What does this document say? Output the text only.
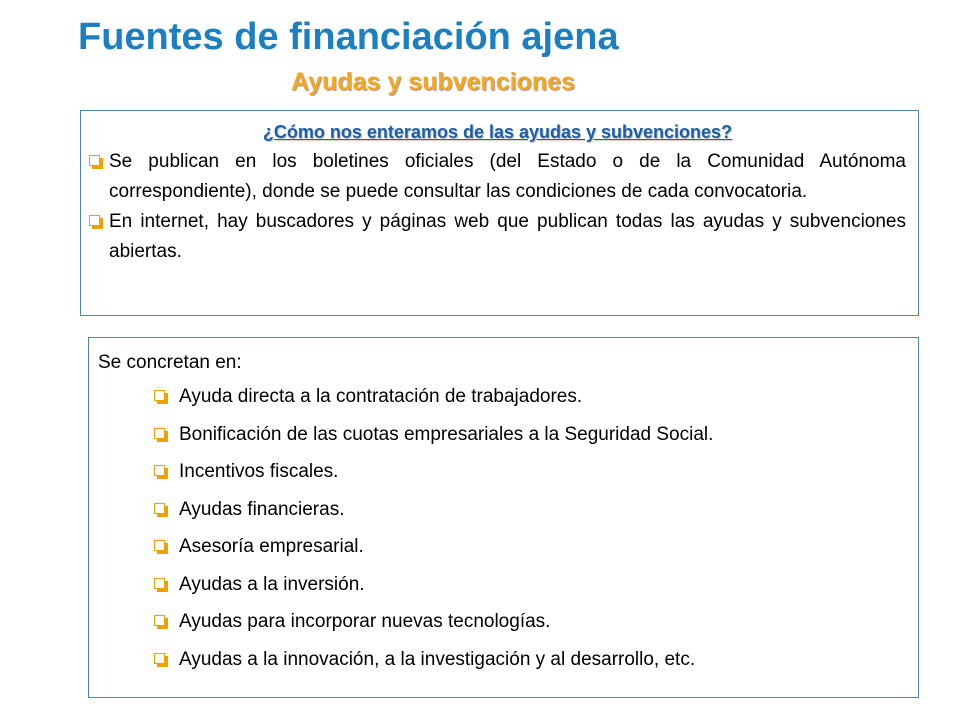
Fuentes de financiación ajena
Ayudas y subvenciones
¿Cómo nos enteramos de las ayudas y subvenciones?
Se publican en los boletines oficiales (del Estado o de la Comunidad Autónoma correspondiente), donde se puede consultar las condiciones de cada convocatoria.
En internet, hay buscadores y páginas web que publican todas las ayudas y subvenciones abiertas.
Se concretan en:
Ayuda directa a la contratación de trabajadores.
Bonificación de las cuotas empresariales a la Seguridad Social.
Incentivos fiscales.
Ayudas financieras.
Asesoría empresarial.
Ayudas a la inversión.
Ayudas para incorporar nuevas tecnologías.
Ayudas a la innovación, a la investigación y al desarrollo, etc.
